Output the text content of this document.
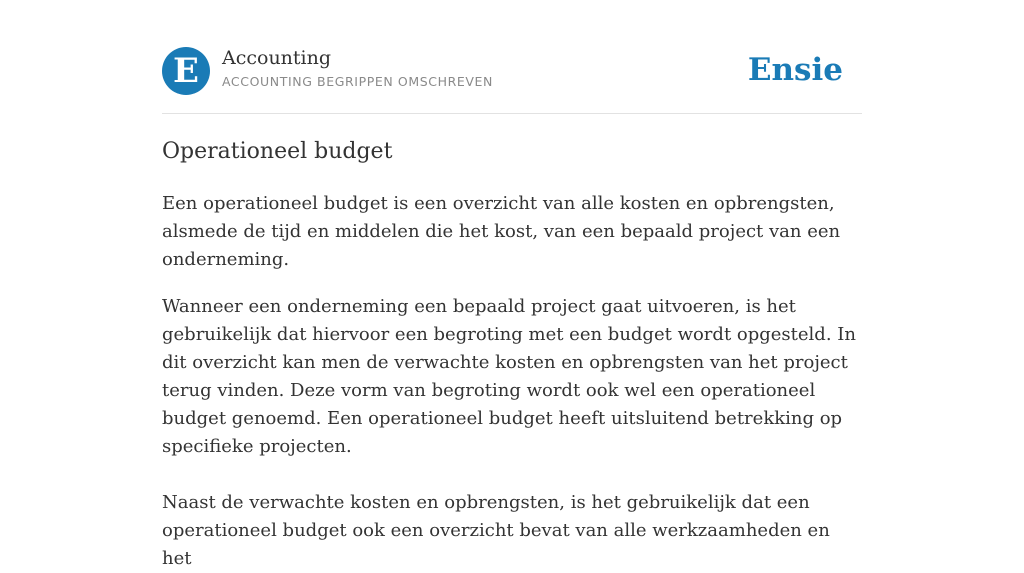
E	Accounting
ACCOUNTING BEGRIPPEN OMSCHREVEN	Ensie
Operationeel budget

Een operationeel budget is een overzicht van alle kosten en opbrengsten, alsmede de tijd en middelen die het kost, van een bepaald project van een onderneming.

Wanneer een onderneming een bepaald project gaat uitvoeren, is het gebruikelijk dat hiervoor een begroting met een budget wordt opgesteld. In dit overzicht kan men de verwachte kosten en opbrengsten van het project terug vinden. Deze vorm van begroting wordt ook wel een operationeel budget genoemd. Een operationeel budget heeft uitsluitend betrekking op specifieke projecten.

Naast de verwachte kosten en opbrengsten, is het gebruikelijk dat een operationeel budget ook een overzicht bevat van alle werkzaamheden en het
